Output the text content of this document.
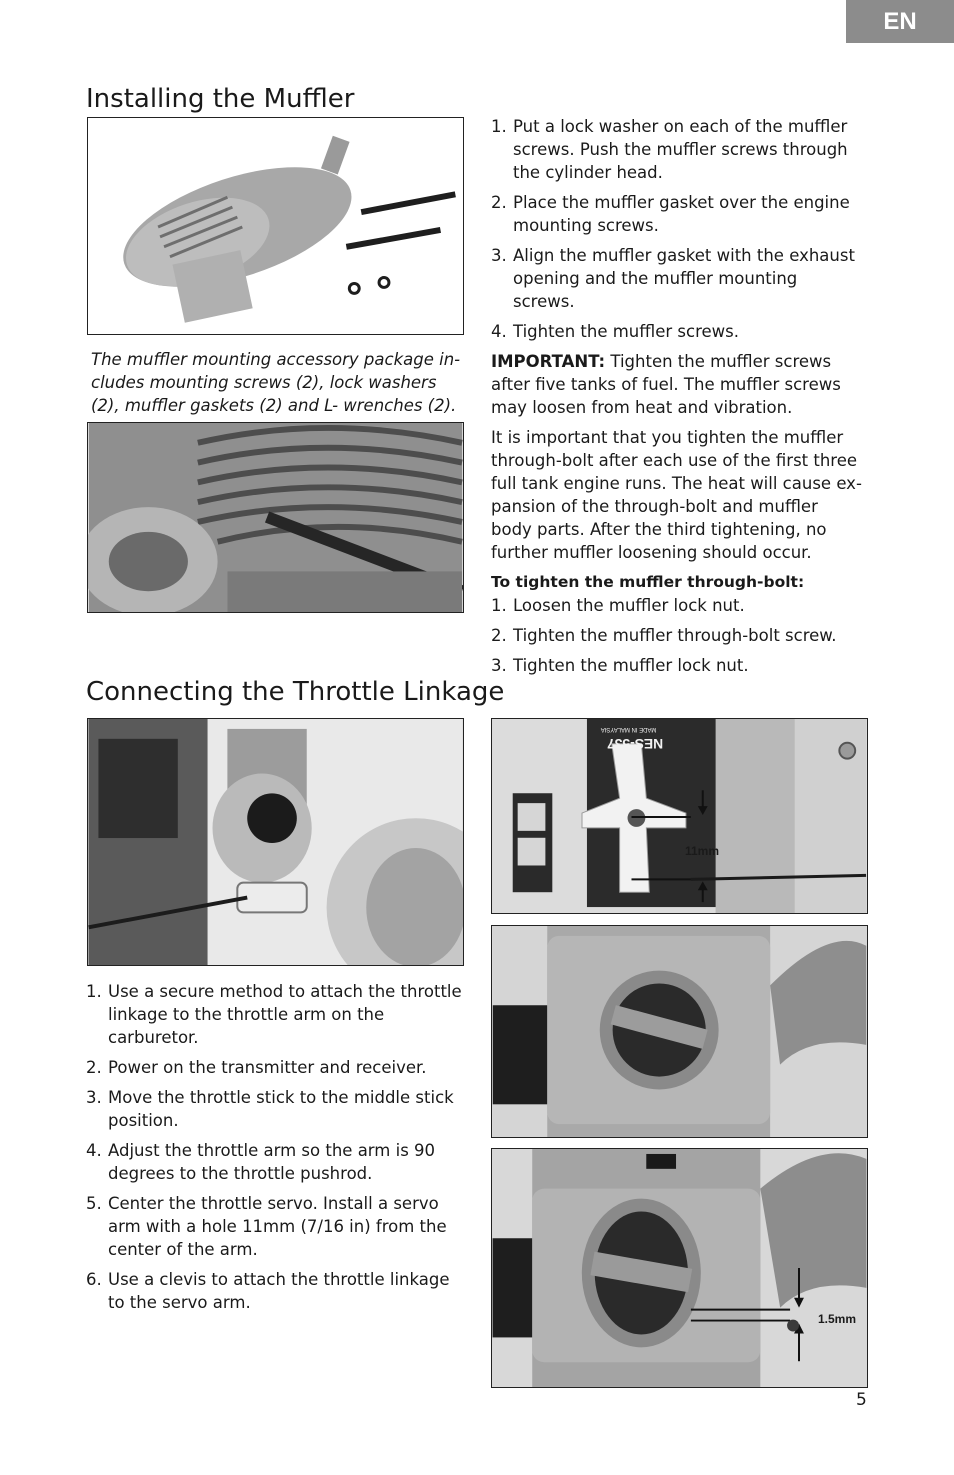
EN
Installing the Muffler
The muffler mounting accessory package in-cludes mounting screws (2), lock washers (2), muffler gaskets (2) and L- wrenches (2).
1. Put a lock washer on each of the muffler screws. Push the muffler screws through the cylinder head.
2. Place the muffler gasket over the engine mounting screws.
3. Align the muffler gasket with the exhaust opening and the muffler mounting screws.
4. Tighten the muffler screws.

IMPORTANT: Tighten the muffler screws after five tanks of fuel. The muffler screws may loosen from heat and vibration.

It is important that you tighten the muffler through-bolt after each use of the first three full tank engine runs. The heat will cause ex-pansion of the through-bolt and muffler body parts. After the third tightening, no further muffler loosening should occur.

To tighten the muffler through-bolt:

1. Loosen the muffler lock nut.
2. Tighten the muffler through-bolt screw.
3. Tighten the muffler lock nut.
Connecting the Throttle Linkage
1. Use a secure method to attach the throttle linkage to the throttle arm on the carburetor.
2. Power on the transmitter and receiver.
3. Move the throttle stick to the middle stick position.
4. Adjust the throttle arm so the arm is 90 degrees to the throttle pushrod.
5. Center the throttle servo. Install a servo arm with a hole 11mm (7/16 in) from the center of the arm.
6. Use a clevis to attach the throttle linkage to the servo arm.
NES-537
MADE IN MALAYSIA
11mm
1.5mm
5
